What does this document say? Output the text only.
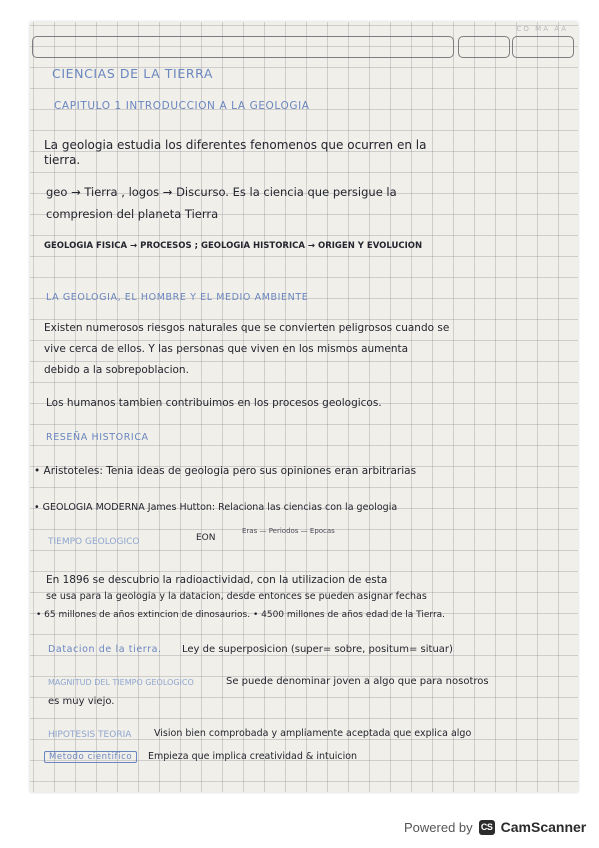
CO MA AA
CIENCIAS DE LA TIERRA
CAPITULO 1 INTRODUCCION A LA GEOLOGIA
La geologia estudia los diferentes fenomenos que ocurren en la
tierra.
geo → Tierra , logos → Discurso. Es la ciencia que persigue la
compresion del planeta Tierra
GEOLOGIA FISICA → PROCESOS ; GEOLOGIA HISTORICA → ORIGEN Y EVOLUCION
LA GEOLOGIA, EL HOMBRE Y EL MEDIO AMBIENTE
Existen numerosos riesgos naturales que se convierten peligrosos cuando se
vive cerca de ellos. Y las personas que viven en los mismos aumenta
debido a la sobrepoblacion.
Los humanos tambien contribuimos en los procesos geologicos.
RESEÑA HISTORICA
• Aristoteles: Tenia ideas de geologia pero sus opiniones eran arbitrarias
• GEOLOGIA MODERNA James Hutton: Relaciona las ciencias con la geologia
TIEMPO GEOLOGICO	EON
Eras — Periodos — Epocas
En 1896 se descubrio la radioactividad, con la utilizacion de esta
se usa para la geologia y la datacion, desde entonces se pueden asignar fechas
• 65 millones de años extincion de dinosaurios. • 4500 millones de años edad de la Tierra.
Datacion de la tierra. Ley de superposicion (super= sobre, positum= situar)
MAGNITUD DEL TIEMPO GEOLOGICO	Se puede denominar joven a algo que para nosotros
es muy viejo.
HIPOTESIS TEORIA Vision bien comprobada y ampliamente aceptada que explica algo
Metodo cientifico	Empieza que implica creatividad & intuicion
Powered by CS CamScanner
